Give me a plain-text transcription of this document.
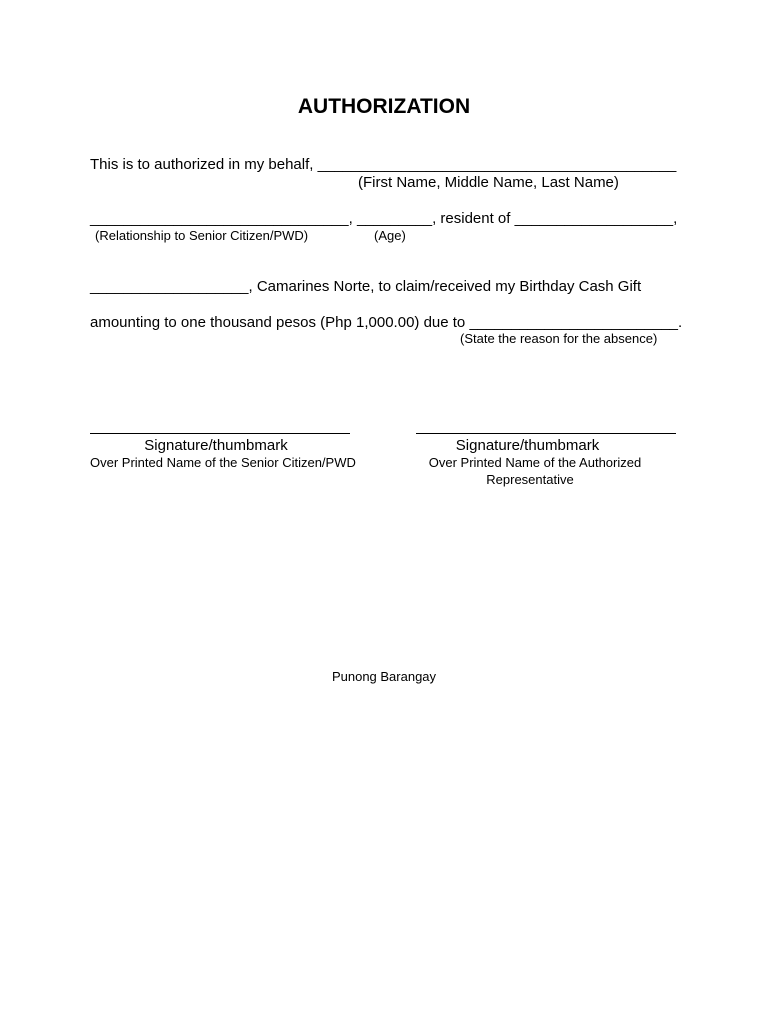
AUTHORIZATION
This is to authorized in my behalf, ___________________________________________
(First Name, Middle Name, Last Name)
_______________________________, _________, resident of ___________________,
(Relationship to Senior Citizen/PWD)	(Age)
___________________, Camarines Norte, to claim/received my Birthday Cash Gift
amounting to one thousand pesos (Php 1,000.00) due to _________________________.
(State the reason for the absence)
Signature/thumbmark
Over Printed Name of the Senior Citizen/PWD
Signature/thumbmark
Over Printed Name of the Authorized
Representative
Punong Barangay
